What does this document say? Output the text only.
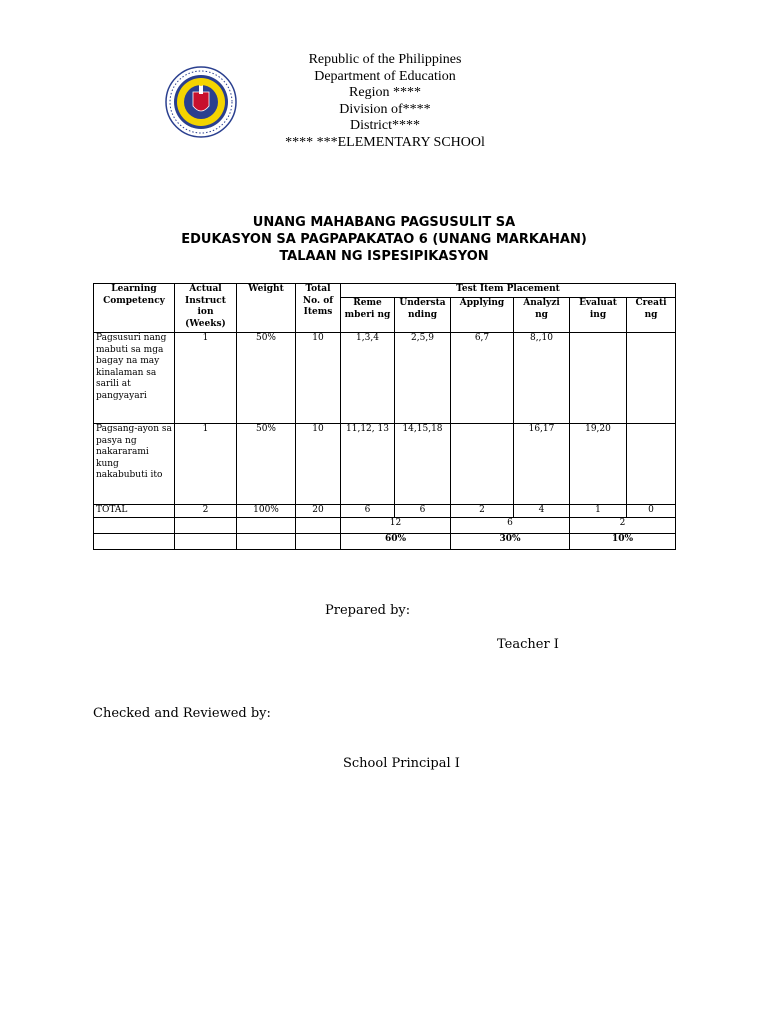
Republic of the Philippines
Department of Education
Region ****
Division of****
District****
**** ***ELEMENTARY SCHOOl
UNANG MAHABANG PAGSUSULIT SA
EDUKASYON SA PAGPAPAKATAO 6 (UNANG MARKAHAN)
TALAAN NG ISPESIPIKASYON
Learning Competency	Actual Instruct ion (Weeks)	Weight	Total No. of Items	Test Item Placement					
				Reme mberi ng	Understa nding	Applying	Analyzi ng	Evaluat ing	Creati ng
Pagsusuri nang mabuti sa mga bagay na may kinalaman sa sarili at pangyayari	1	50%	10	1,3,4	2,5,9	6,7	8,,10		
Pagsang-ayon sa pasya ng nakararami kung nakabubuti ito	1	50%	10	11,12, 13	14,15,18		16,17	19,20	
TOTAL	2	100%	20	6	6	2	4	1	0
				12		6		2	
				60%		30%		10%	
Prepared by:
Teacher I
Checked and Reviewed by:
School Principal I
